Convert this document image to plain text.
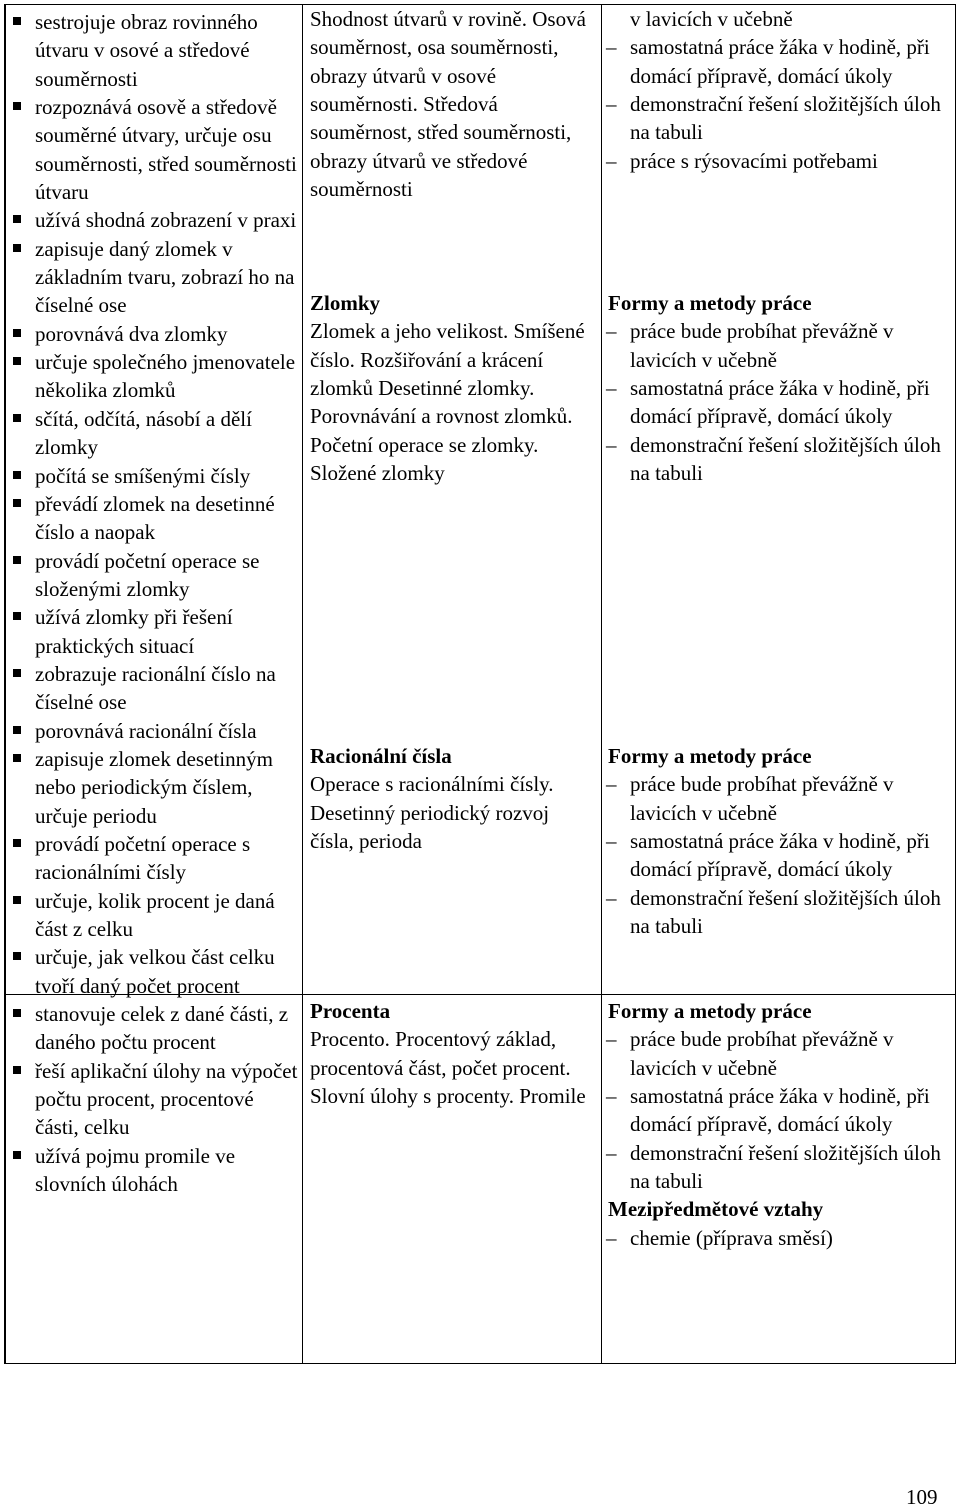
sestrojuje obraz rovinného útvaru v osové a středové souměrnosti
rozpoznává osově a středově souměrné útvary, určuje osu souměrnosti, střed souměrnosti útvaru
užívá shodná zobrazení v praxi
zapisuje daný zlomek v základním tvaru, zobrazí ho na číselné ose
porovnává dva zlomky
určuje společného jmenovatele několika zlomků
sčítá, odčítá, násobí a dělí zlomky
počítá se smíšenými čísly
převádí zlomek na desetinné číslo a naopak
provádí početní operace se složenými zlomky
užívá zlomky při řešení praktických situací
zobrazuje racionální číslo na číselné ose
porovnává racionální čísla
zapisuje zlomek desetinným nebo periodickým číslem, určuje periodu
provádí početní operace s racionálními čísly
určuje, kolik procent je daná část z celku
určuje, jak velkou část celku tvoří daný počet procent
stanovuje celek z dané části, z daného počtu procent
řeší aplikační úlohy na výpočet počtu procent, procentové části, celku
užívá pojmu promile ve slovních úlohách
Shodnost útvarů v rovině. Osová souměrnost, osa souměrnosti, obrazy útvarů v osové souměrnosti. Středová souměrnost, střed souměrnosti, obrazy útvarů ve středové souměrnosti
Zlomky
Zlomek a jeho velikost. Smíšené číslo. Rozšiřování a krácení zlomků Desetinné zlomky. Porovnávání a rovnost zlomků. Početní operace se zlomky. Složené zlomky
Racionální čísla
Operace s racionálními čísly. Desetinný periodický rozvoj čísla, perioda
Procenta
Procento. Procentový základ, procentová část, počet procent. Slovní úlohy s procenty. Promile
v lavicích v učebně
– samostatná práce žáka v hodině, při domácí přípravě, domácí úkoly
– demonstrační řešení složitějších úloh na tabuli
– práce s rýsovacími potřebami
Formy a metody práce
– práce bude probíhat převážně v lavicích v učebně
– samostatná práce žáka v hodině, při domácí přípravě, domácí úkoly
– demonstrační řešení složitějších úloh na tabuli
Formy a metody práce
– práce bude probíhat převážně v lavicích v učebně
– samostatná práce žáka v hodině, při domácí přípravě, domácí úkoly
– demonstrační řešení složitějších úloh na tabuli
Formy a metody práce
– práce bude probíhat převážně v lavicích v učebně
– samostatná práce žáka v hodině, při domácí přípravě, domácí úkoly
– demonstrační řešení složitějších úloh na tabuli
Mezipředmětové vztahy
– chemie (příprava směsí)
109
